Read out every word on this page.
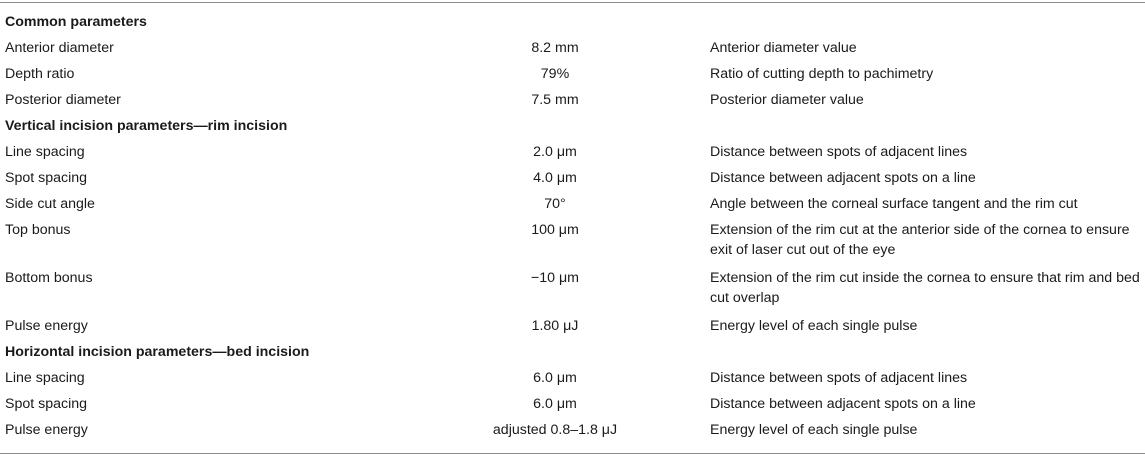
Common parameters		
Anterior diameter	8.2 mm	Anterior diameter value
Depth ratio	79%	Ratio of cutting depth to pachimetry
Posterior diameter	7.5 mm	Posterior diameter value
Vertical incision parameters—rim incision		
Line spacing	2.0 μm	Distance between spots of adjacent lines
Spot spacing	4.0 μm	Distance between adjacent spots on a line
Side cut angle	70°	Angle between the corneal surface tangent and the rim cut
Top bonus	100 μm	Extension of the rim cut at the anterior side of the cornea to ensure exit of laser cut out of the eye
Bottom bonus	−10 μm	Extension of the rim cut inside the cornea to ensure that rim and bed cut overlap
Pulse energy	1.80 μJ	Energy level of each single pulse
Horizontal incision parameters—bed incision		
Line spacing	6.0 μm	Distance between spots of adjacent lines
Spot spacing	6.0 μm	Distance between adjacent spots on a line
Pulse energy	adjusted 0.8–1.8 μJ	Energy level of each single pulse
